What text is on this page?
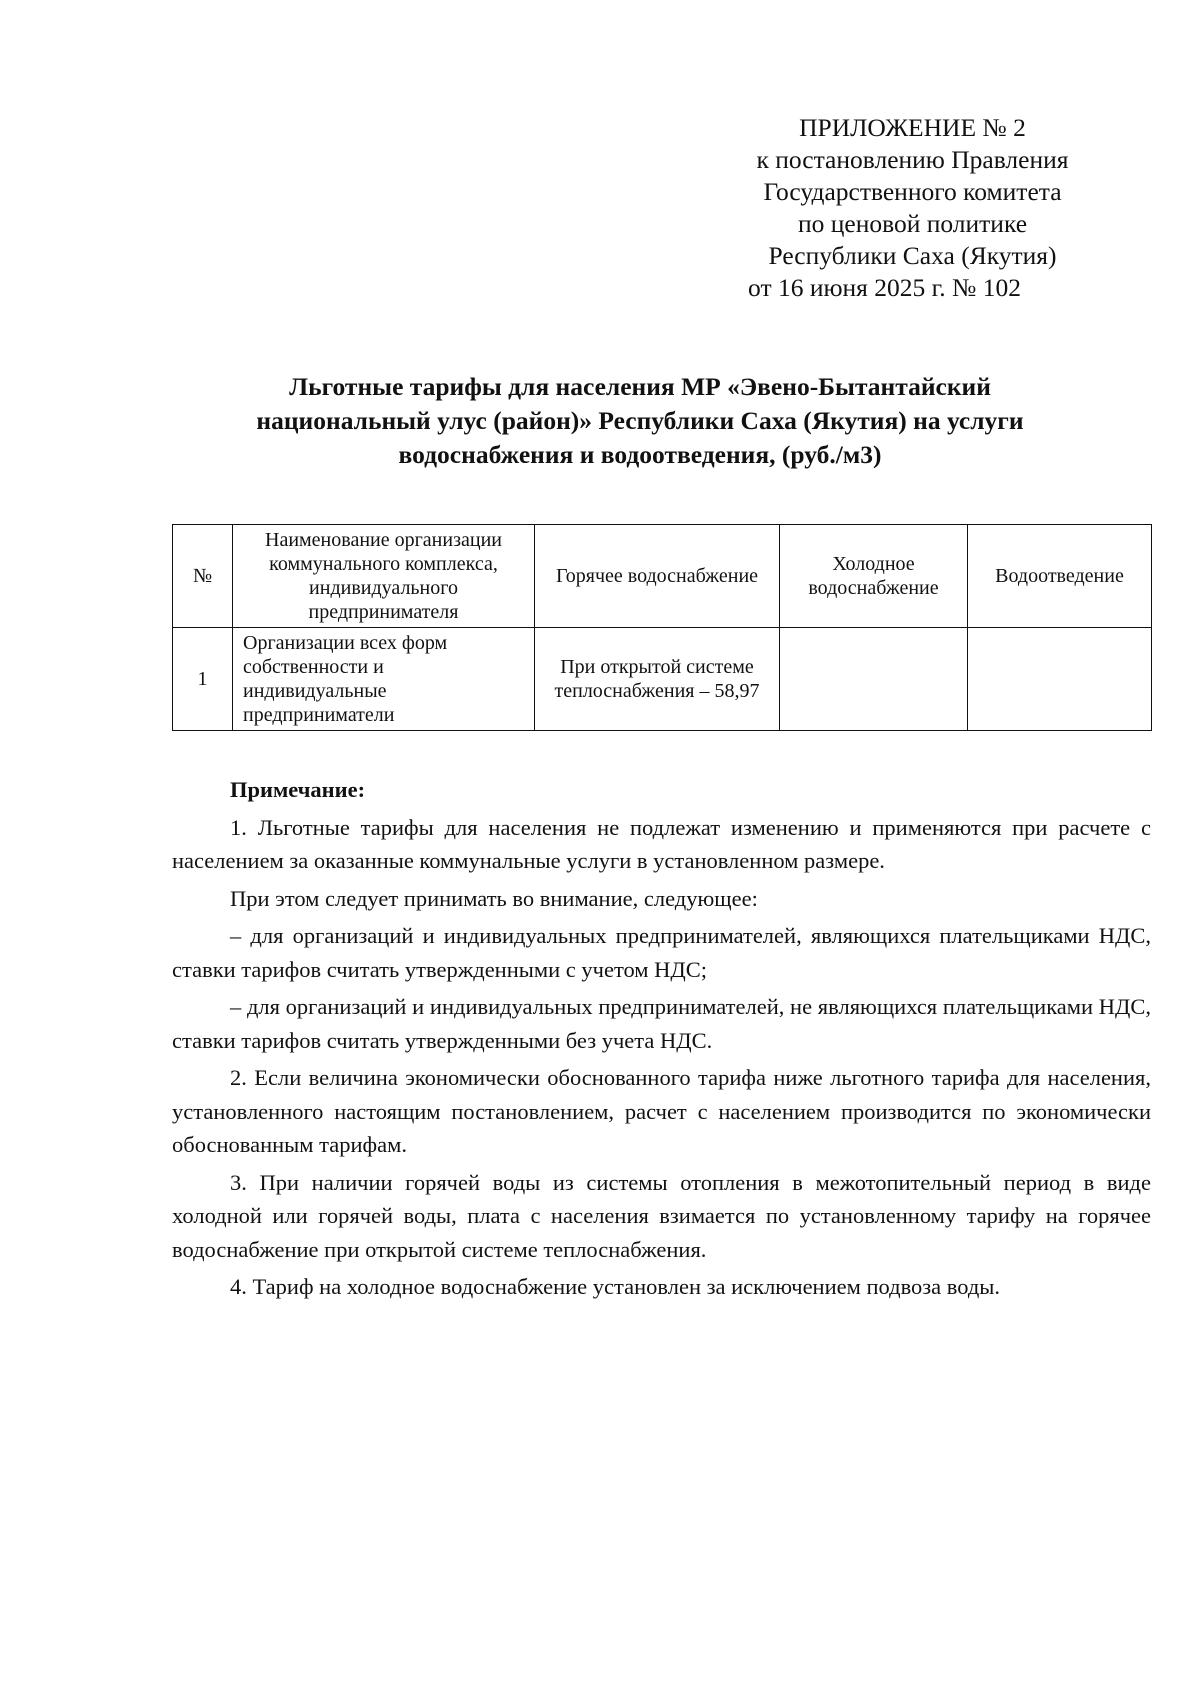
ПРИЛОЖЕНИЕ № 2
к постановлению Правления
Государственного комитета
по ценовой политике
Республики Саха (Якутия)
от 16 июня 2025 г. № 102
Льготные тарифы для населения МР «Эвено-Бытантайский
национальный улус (район)» Республики Саха (Якутия) на услуги
водоснабжения и водоотведения, (руб./м3)
№	Наименование организации коммунального комплекса, индивидуального предпринимателя	Горячее водоснабжение	Холодное водоснабжение	Водоотведение
1	Организации всех форм собственности и индивидуальные предприниматели	При открытой системе теплоснабжения – 58,97		
Примечание:

1. Льготные тарифы для населения не подлежат изменению и применяются при расчете с населением за оказанные коммунальные услуги в установленном размере.

При этом следует принимать во внимание, следующее:

– для организаций и индивидуальных предпринимателей, являющихся плательщиками НДС, ставки тарифов считать утвержденными с учетом НДС;

– для организаций и индивидуальных предпринимателей, не являющихся плательщиками НДС, ставки тарифов считать утвержденными без учета НДС.

2. Если величина экономически обоснованного тарифа ниже льготного тарифа для населения, установленного настоящим постановлением, расчет с населением производится по экономически обоснованным тарифам.

3. При наличии горячей воды из системы отопления в межотопительный период в виде холодной или горячей воды, плата с населения взимается по установленному тарифу на горячее водоснабжение при открытой системе теплоснабжения.

4. Тариф на холодное водоснабжение установлен за исключением подвоза воды.
